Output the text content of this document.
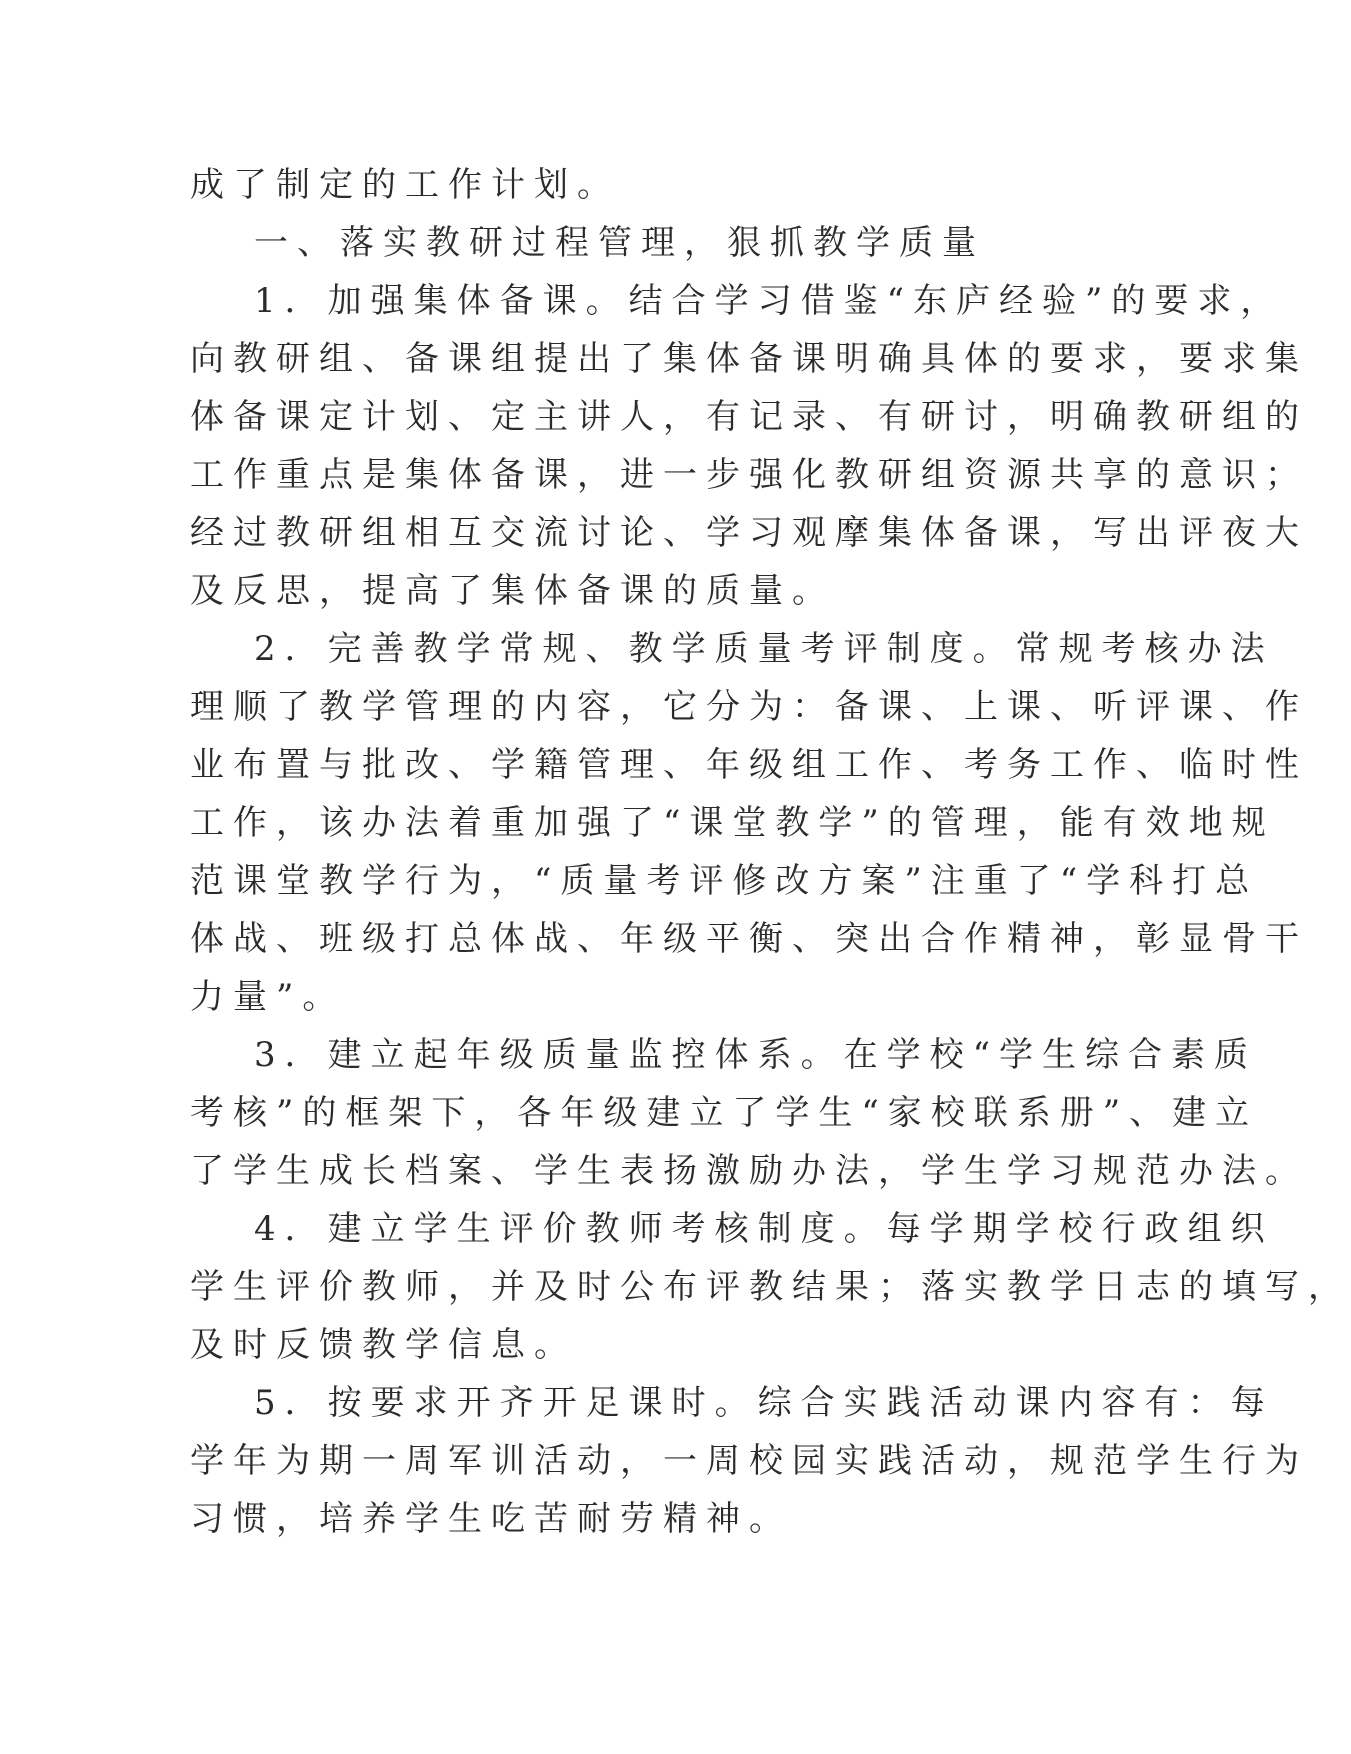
成了制定的工作计划。
一、落实教研过程管理，狠抓教学质量
1．加强集体备课。结合学习借鉴“东庐经验”的要求，
向教研组、备课组提出了集体备课明确具体的要求，要求集
体备课定计划、定主讲人，有记录、有研讨，明确教研组的
工作重点是集体备课，进一步强化教研组资源共享的意识；
经过教研组相互交流讨论、学习观摩集体备课，写出评夜大
及反思，提高了集体备课的质量。
2．完善教学常规、教学质量考评制度。常规考核办法
理顺了教学管理的内容，它分为：备课、上课、听评课、作
业布置与批改、学籍管理、年级组工作、考务工作、临时性
工作，该办法着重加强了“课堂教学”的管理，能有效地规
范课堂教学行为，“质量考评修改方案”注重了“学科打总
体战、班级打总体战、年级平衡、突出合作精神，彰显骨干
力量”。
3．建立起年级质量监控体系。在学校“学生综合素质
考核”的框架下，各年级建立了学生“家校联系册”、建立
了学生成长档案、学生表扬激励办法，学生学习规范办法。
4．建立学生评价教师考核制度。每学期学校行政组织
学生评价教师，并及时公布评教结果；落实教学日志的填写，
及时反馈教学信息。
5．按要求开齐开足课时。综合实践活动课内容有：每
学年为期一周军训活动，一周校园实践活动，规范学生行为
习惯，培养学生吃苦耐劳精神。
